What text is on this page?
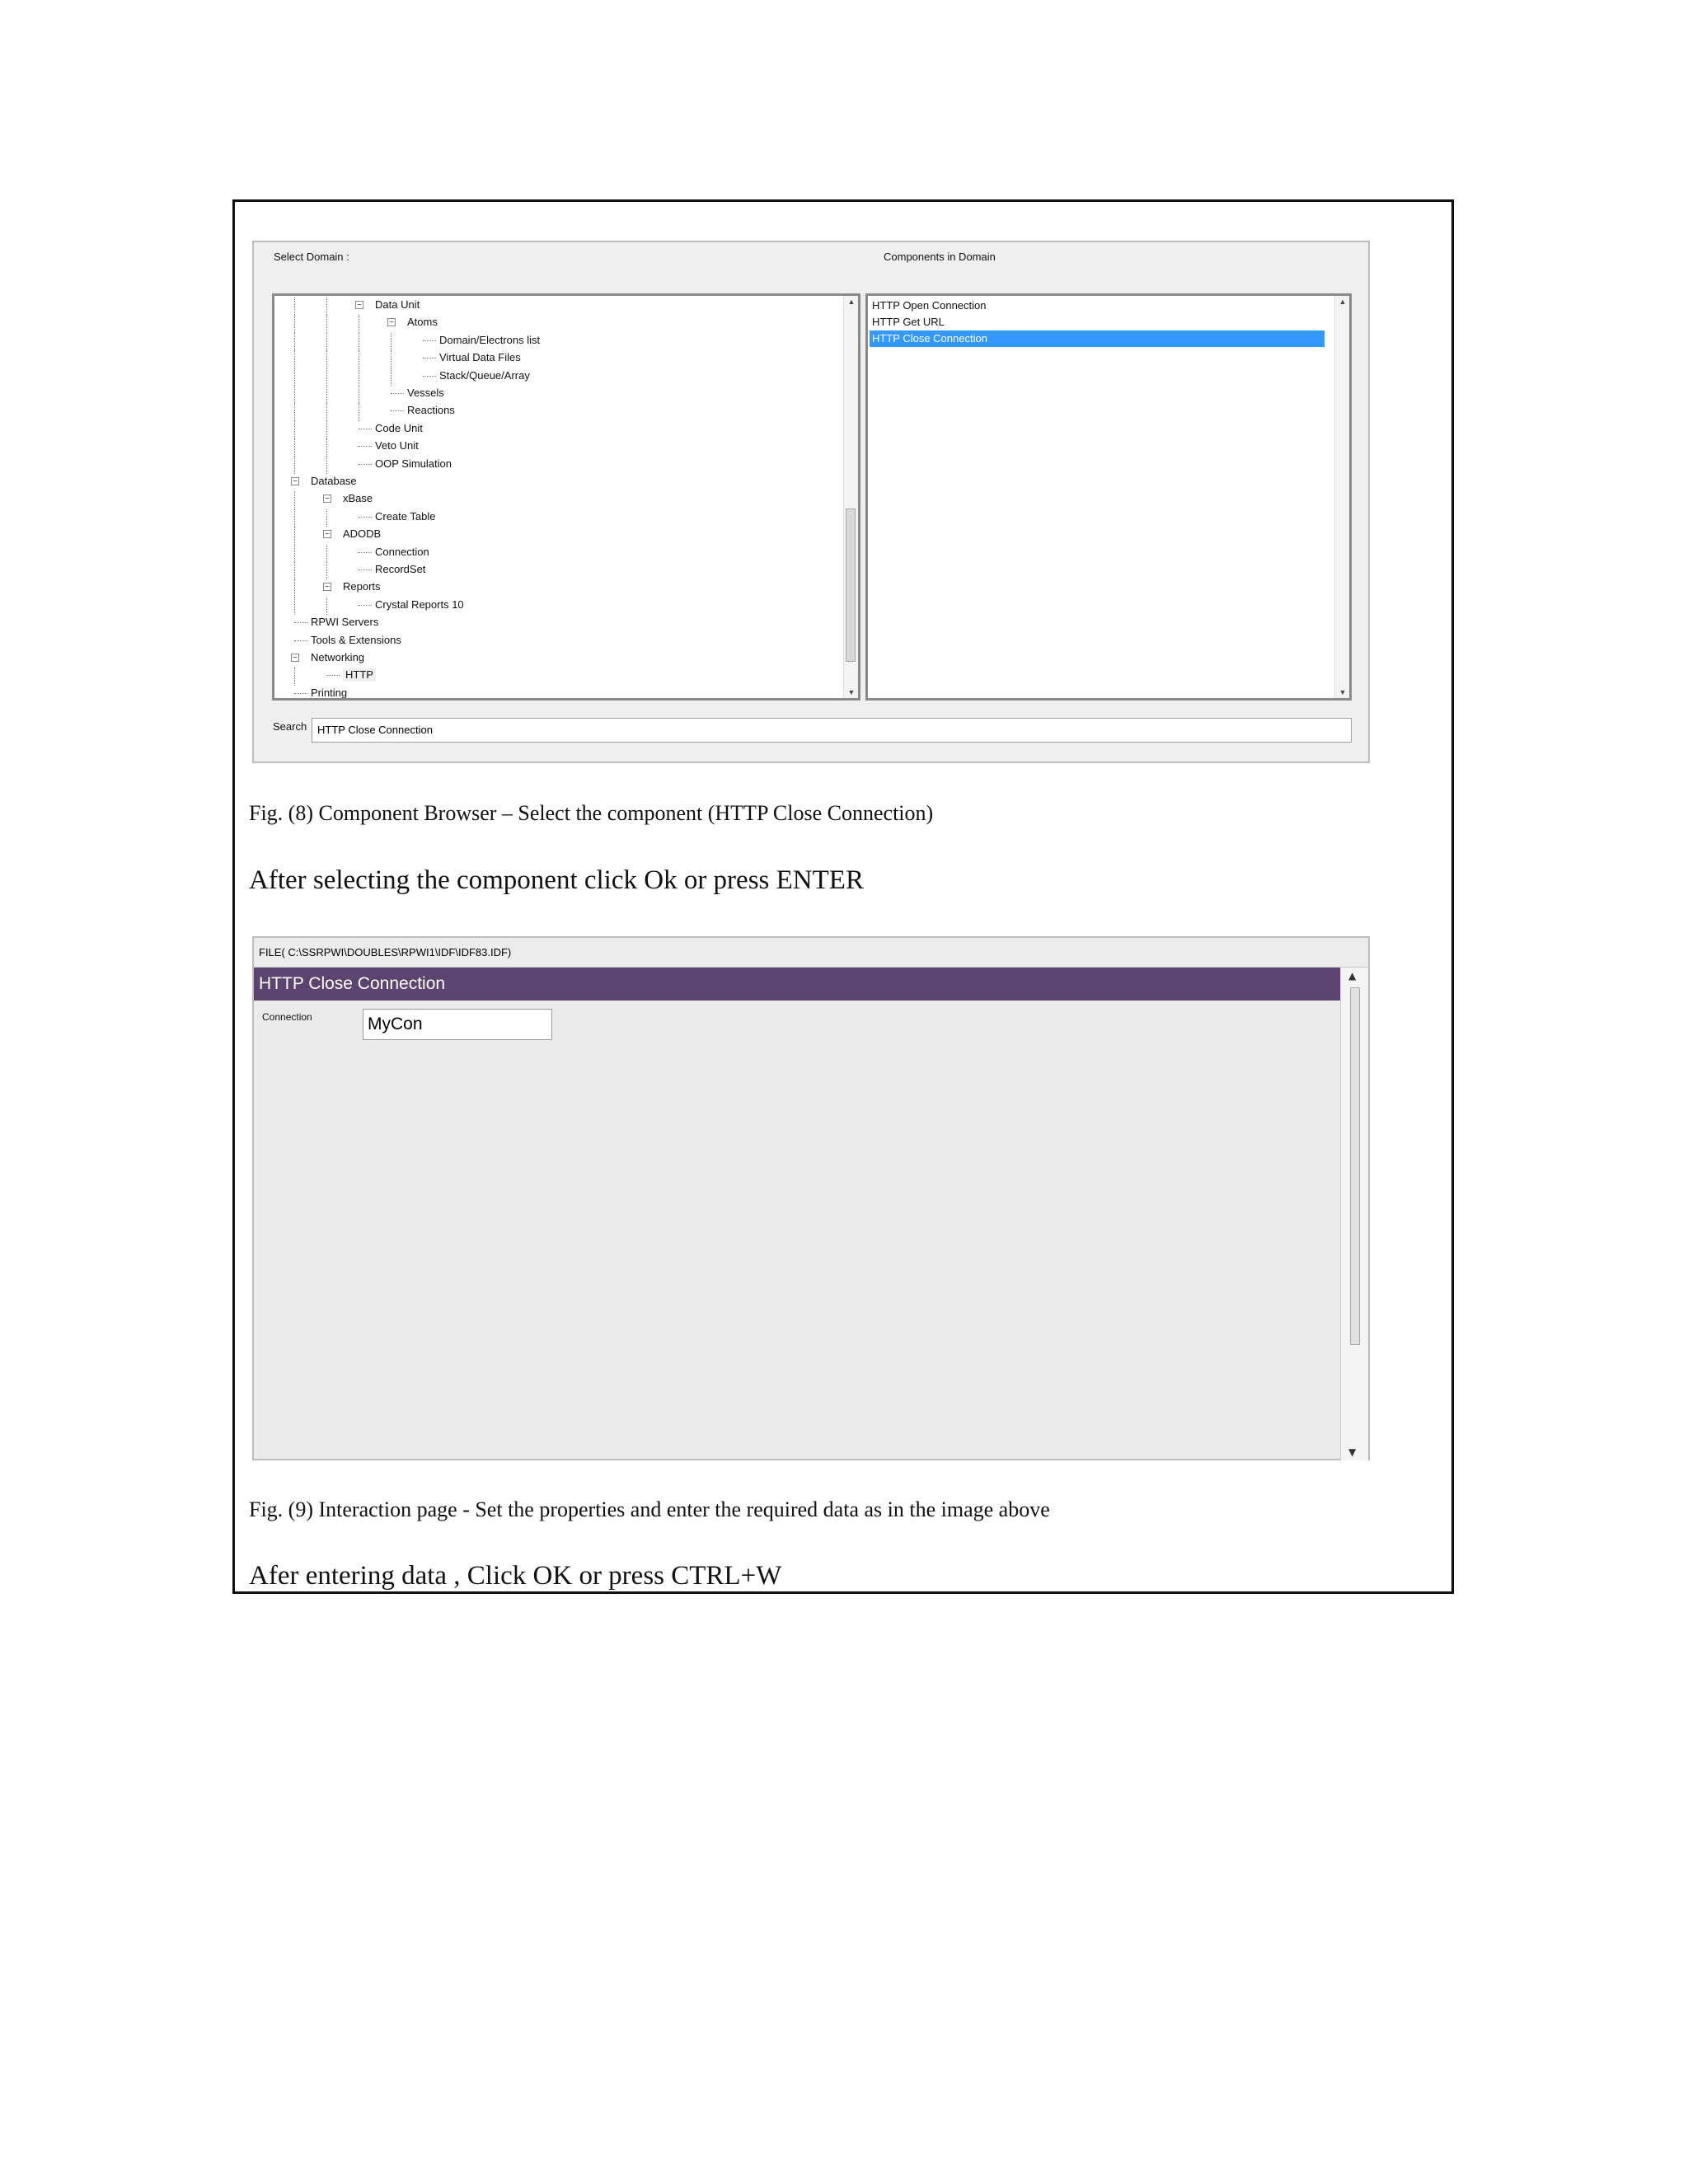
Select Domain :	Components in Domain
− Data Unit
− Atoms
Domain/Electrons list
Virtual Data Files
Stack/Queue/Array
Vessels
Reactions
Code Unit
Veto Unit
OOP Simulation
− Database
− xBase
Create Table
− ADODB
Connection
RecordSet
− Reports
Crystal Reports 10
RPWI Servers
Tools & Extensions
− Networking
HTTP
Printing
▲
▼
HTTP Open Connection
HTTP Get URL
HTTP Close Connection
▲
▼
Search HTTP Close Connection
Fig. (8) Component Browser – Select the component (HTTP Close Connection)
After selecting the component click Ok or press ENTER
FILE( C:\SSRPWI\DOUBLES\RPWI1\IDF\IDF83.IDF)
HTTP Close Connection
Connection	MyCon
▲
▼
Fig. (9) Interaction page - Set the properties and enter the required data as in the image above
Afer entering data , Click OK or press CTRL+W
